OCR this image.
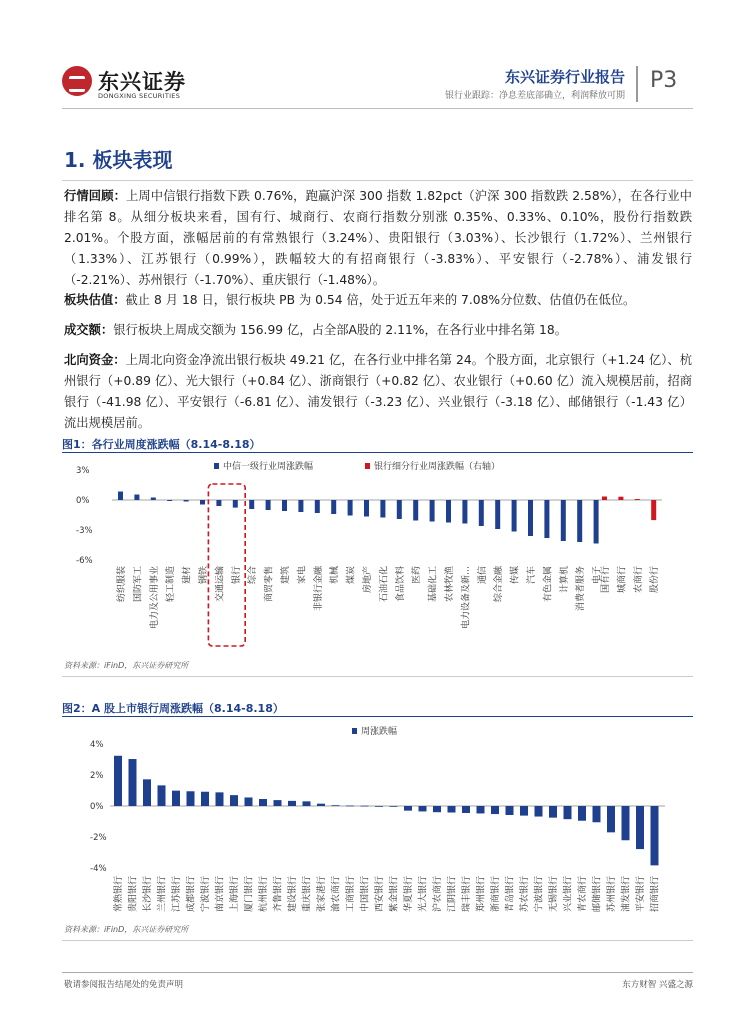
东兴证券
DONGXING SECURITIES
东兴证券行业报告
银行业跟踪：净息差底部确立，利润释放可期
P3
1. 板块表现
行情回顾：上周中信银行指数下跌 0.76%，跑赢沪深 300 指数 1.82pct（沪深 300 指数跌 2.58%），在各行业中排名第 8。从细分板块来看，国有行、城商行、农商行指数分别涨 0.35%、0.33%、0.10%，股份行指数跌 2.01%。个股方面，涨幅居前的有常熟银行（3.24%）、贵阳银行（3.03%）、长沙银行（1.72%）、兰州银行（1.33%）、江苏银行（0.99%），跌幅较大的有招商银行（-3.83%）、平安银行（-2.78%）、浦发银行（-2.21%）、苏州银行（-1.70%）、重庆银行（-1.48%）。
板块估值：截止 8 月 18 日，银行板块 PB 为 0.54 倍，处于近五年来的 7.08%分位数、估值仍在低位。
成交额：银行板块上周成交额为 156.99 亿，占全部A股的 2.11%，在各行业中排名第 18。
北向资金：上周北向资金净流出银行板块 49.21 亿，在各行业中排名第 24。个股方面，北京银行（+1.24 亿）、杭州银行（+0.89 亿）、光大银行（+0.84 亿）、浙商银行（+0.82 亿）、农业银行（+0.60 亿）流入规模居前，招商银行（-41.98 亿）、平安银行（-6.81 亿）、浦发银行（-3.23 亿）、兴业银行（-3.18 亿）、邮储银行（-1.43 亿）流出规模居前。
图1：各行业周度涨跌幅（8.14-8.18）
3%
0%
-3%
-6%
纺织服装 国防军工 电力及公用事业 轻工制造 建材 钢铁 交通运输 银行 综合 商贸零售 建筑 家电 非银行金融 机械 煤炭 房地产 石油石化 食品饮料 医药 基础化工 农林牧渔 电力设备及新… 通信 综合金融 传媒 汽车 有色金属 计算机 消费者服务 电子
国有行 城商行 农商行 股份行
中信一级行业周涨跌幅	银行细分行业周涨跌幅（右轴）
资料来源：iFinD，东兴证券研究所
图2：A 股上市银行周涨跌幅（8.14-8.18）
4%
2%
0%
-2%
-4%
常熟银行 贵阳银行 长沙银行 兰州银行 江苏银行 成都银行 宁波银行 南京银行 上海银行 厦门银行 杭州银行 齐鲁银行 建设银行 重庆银行 张家港行 渝农商行 工商银行 中国银行 西安银行 紫金银行 华夏银行 光大银行 沪农商行 江阴银行 瑞丰银行 郑州银行 浙商银行 青岛银行 苏农银行 宁波银行 无锡银行 兴业银行 青农商行 邮储银行 苏州银行 浦发银行 平安银行 招商银行
周涨跌幅
资料来源：iFinD，东兴证券研究所
敬请参阅报告结尾处的免责声明	东方财智 兴盛之源
